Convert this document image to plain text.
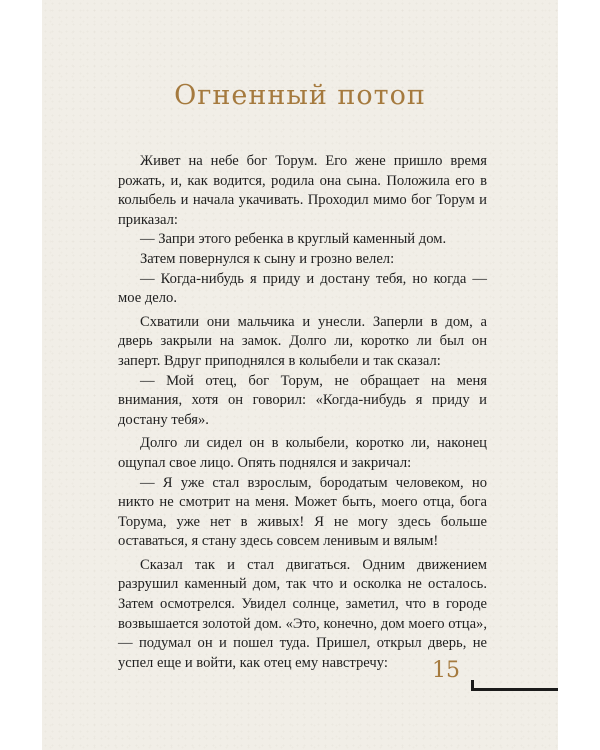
Огненный потоп

Живет на небе бог Торум. Его жене пришло время рожать, и, как водится, родила она сына. Положила его в колыбель и начала укачивать. Проходил мимо бог Торум и приказал:

— Запри этого ребенка в круглый каменный дом.

Затем повернулся к сыну и грозно велел:

— Когда-нибудь я приду и достану тебя, но когда — мое дело.

Схватили они мальчика и унесли. Заперли в дом, а дверь закрыли на замок. Долго ли, коротко ли был он заперт. Вдруг приподнялся в колыбели и так сказал:

— Мой отец, бог Торум, не обращает на меня внимания, хотя он говорил: «Когда-нибудь я приду и достану тебя».

Долго ли сидел он в колыбели, коротко ли, наконец ощупал свое лицо. Опять поднялся и закричал:

— Я уже стал взрослым, бородатым человеком, но никто не смотрит на меня. Может быть, моего отца, бога Торума, уже нет в живых! Я не могу здесь больше оставаться, я стану здесь совсем ленивым и вялым!

Сказал так и стал двигаться. Одним движением разрушил каменный дом, так что и осколка не осталось. Затем осмотрелся. Увидел солнце, заметил, что в городе возвышается золотой дом. «Это, конечно, дом моего отца», — подумал он и пошел туда. Пришел, открыл дверь, не успел еще и войти, как отец ему навстречу:	15
